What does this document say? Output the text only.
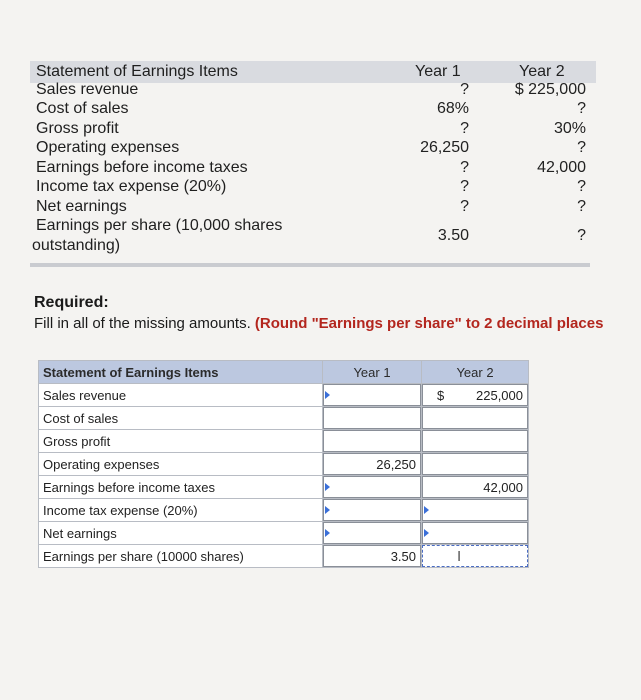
Statement of Earnings Items	Year 1	Year 2
Sales revenue	?	$ 225,000
Cost of sales	68%	?
Gross profit	?	30%
Operating expenses	26,250	?
Earnings before income taxes	?	42,000
Income tax expense (20%)	?	?
Net earnings	?	?
Earnings per share (10,000 shares
outstanding)
3.50	?
Required:
Fill in all of the missing amounts. (Round "Earnings per share" to 2 decimal places
Statement of Earnings Items	Year 1	Year 2
Sales revenue		$ 225,000

Cost of sales	

Gross profit	

Operating expenses	26,250	

Earnings before income taxes		42,000

Income tax expense (20%)	

Net earnings	

Earnings per share (10000 shares)	3.50	I
